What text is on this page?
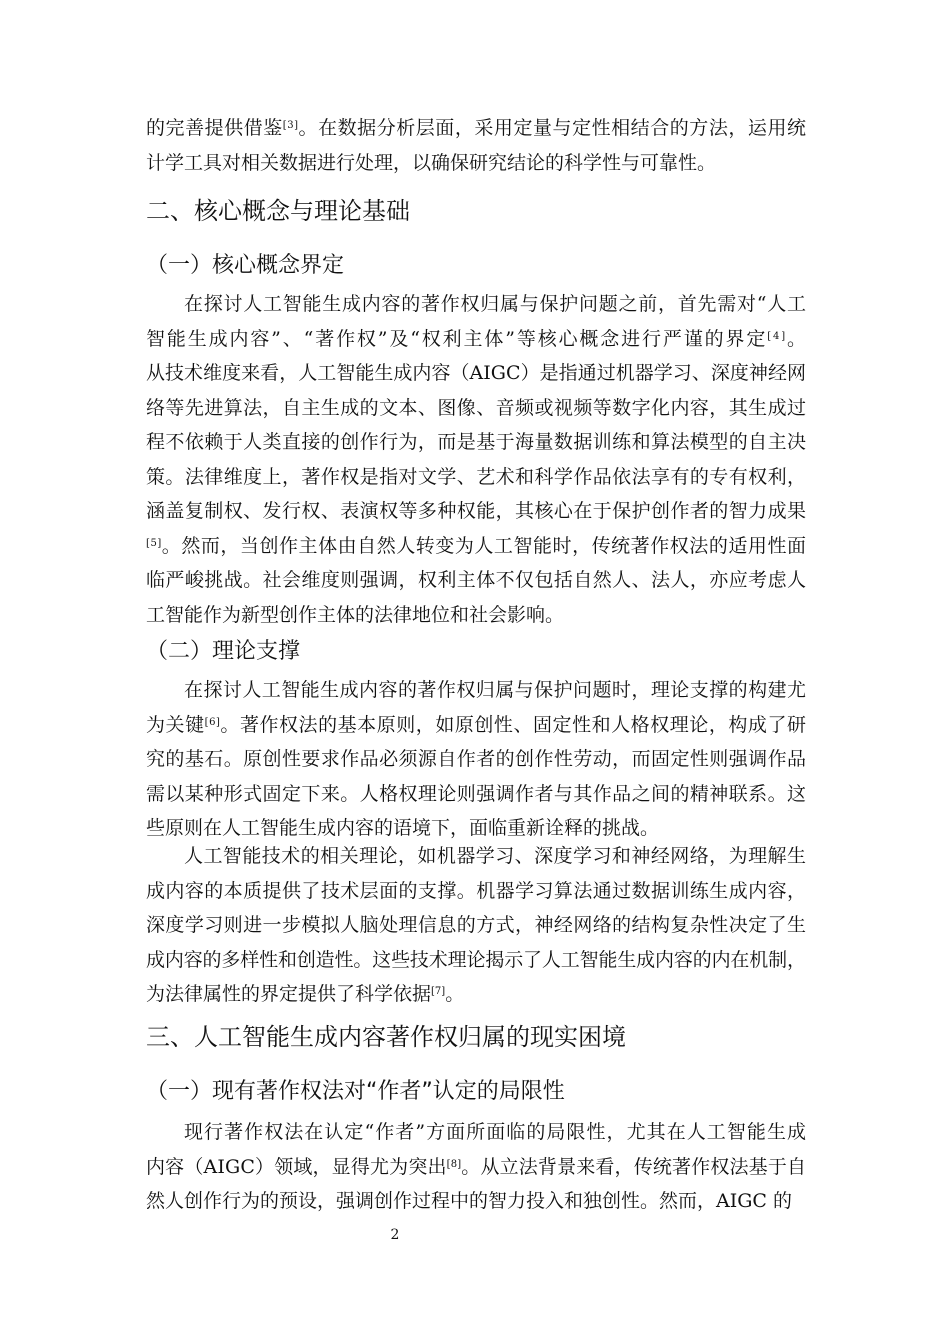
的完善提供借鉴[3]。在数据分析层面，采用定量与定性相结合的方法，运用统
计学工具对相关数据进行处理，以确保研究结论的科学性与可靠性。
二、核心概念与理论基础
（一）核心概念界定
在探讨人工智能生成内容的著作权归属与保护问题之前，首先需对“人工
智能生成内容”、“著作权”及“权利主体”等核心概念进行严谨的界定[4]。
从技术维度来看，人工智能生成内容（AIGC）是指通过机器学习、深度神经网
络等先进算法，自主生成的文本、图像、音频或视频等数字化内容，其生成过
程不依赖于人类直接的创作行为，而是基于海量数据训练和算法模型的自主决
策。法律维度上，著作权是指对文学、艺术和科学作品依法享有的专有权利，
涵盖复制权、发行权、表演权等多种权能，其核心在于保护创作者的智力成果
[5]。然而，当创作主体由自然人转变为人工智能时，传统著作权法的适用性面
临严峻挑战。社会维度则强调，权利主体不仅包括自然人、法人，亦应考虑人
工智能作为新型创作主体的法律地位和社会影响。
（二）理论支撑
在探讨人工智能生成内容的著作权归属与保护问题时，理论支撑的构建尤
为关键[6]。著作权法的基本原则，如原创性、固定性和人格权理论，构成了研
究的基石。原创性要求作品必须源自作者的创作性劳动，而固定性则强调作品
需以某种形式固定下来。人格权理论则强调作者与其作品之间的精神联系。这
些原则在人工智能生成内容的语境下，面临重新诠释的挑战。
人工智能技术的相关理论，如机器学习、深度学习和神经网络，为理解生
成内容的本质提供了技术层面的支撑。机器学习算法通过数据训练生成内容，
深度学习则进一步模拟人脑处理信息的方式，神经网络的结构复杂性决定了生
成内容的多样性和创造性。这些技术理论揭示了人工智能生成内容的内在机制，
为法律属性的界定提供了科学依据[7]。
三、人工智能生成内容著作权归属的现实困境
（一）现有著作权法对“作者”认定的局限性
现行著作权法在认定“作者”方面所面临的局限性，尤其在人工智能生成
内容（AIGC）领域，显得尤为突出[8]。从立法背景来看，传统著作权法基于自
然人创作行为的预设，强调创作过程中的智力投入和独创性。然而，AIGC 的
2
